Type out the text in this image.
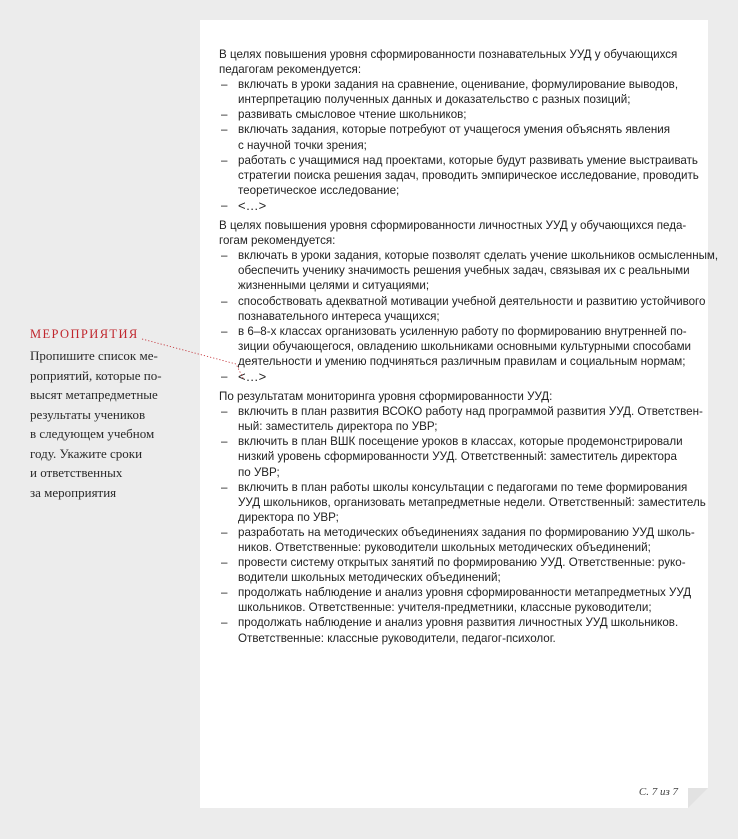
МЕРОПРИЯТИЯ
Пропишите список ме-
роприятий, которые по-
высят метапредметные
результаты учеников
в следующем учебном
году. Укажите сроки
и ответственных
за мероприятия
В целях повышения уровня сформированности познавательных УУД у обучающихся
педагогам рекомендуется:
– включать в уроки задания на сравнение, оценивание, формулирование выводов,
интерпретацию полученных данных и доказательство с разных позиций;
– развивать смысловое чтение школьников;
– включать задания, которые потребуют от учащегося умения объяснять явления
с научной точки зрения;
– работать с учащимися над проектами, которые будут развивать умение выстраивать
стратегии поиска решения задач, проводить эмпирическое исследование, проводить
теоретическое исследование;
– <…>
В целях повышения уровня сформированности личностных УУД у обучающихся педа-
гогам рекомендуется:
– включать в уроки задания, которые позволят сделать учение школьников осмысленным,
обеспечить ученику значимость решения учебных задач, связывая их с реальными
жизненными целями и ситуациями;
– способствовать адекватной мотивации учебной деятельности и развитию устойчивого
познавательного интереса учащихся;
– в 6–8-х классах организовать усиленную работу по формированию внутренней по-
зиции обучающегося, овладению школьниками основными культурными способами
деятельности и умению подчиняться различным правилам и социальным нормам;
– <…>
По результатам мониторинга уровня сформированности УУД:
– включить в план развития ВСОКО работу над программой развития УУД. Ответствен-
ный: заместитель директора по УВР;
– включить в план ВШК посещение уроков в классах, которые продемонстрировали
низкий уровень сформированности УУД. Ответственный: заместитель директора
по УВР;
– включить в план работы школы консультации с педагогами по теме формирования
УУД школьников, организовать метапредметные недели. Ответственный: заместитель
директора по УВР;
– разработать на методических объединениях задания по формированию УУД школь-
ников. Ответственные: руководители школьных методических объединений;
– провести систему открытых занятий по формированию УУД. Ответственные: руко-
водители школьных методических объединений;
– продолжать наблюдение и анализ уровня сформированности метапредметных УУД
школьников. Ответственные: учителя-предметники, классные руководители;
– продолжать наблюдение и анализ уровня развития личностных УУД школьников.
Ответственные: классные руководители, педагог-психолог.
С. 7 из 7
